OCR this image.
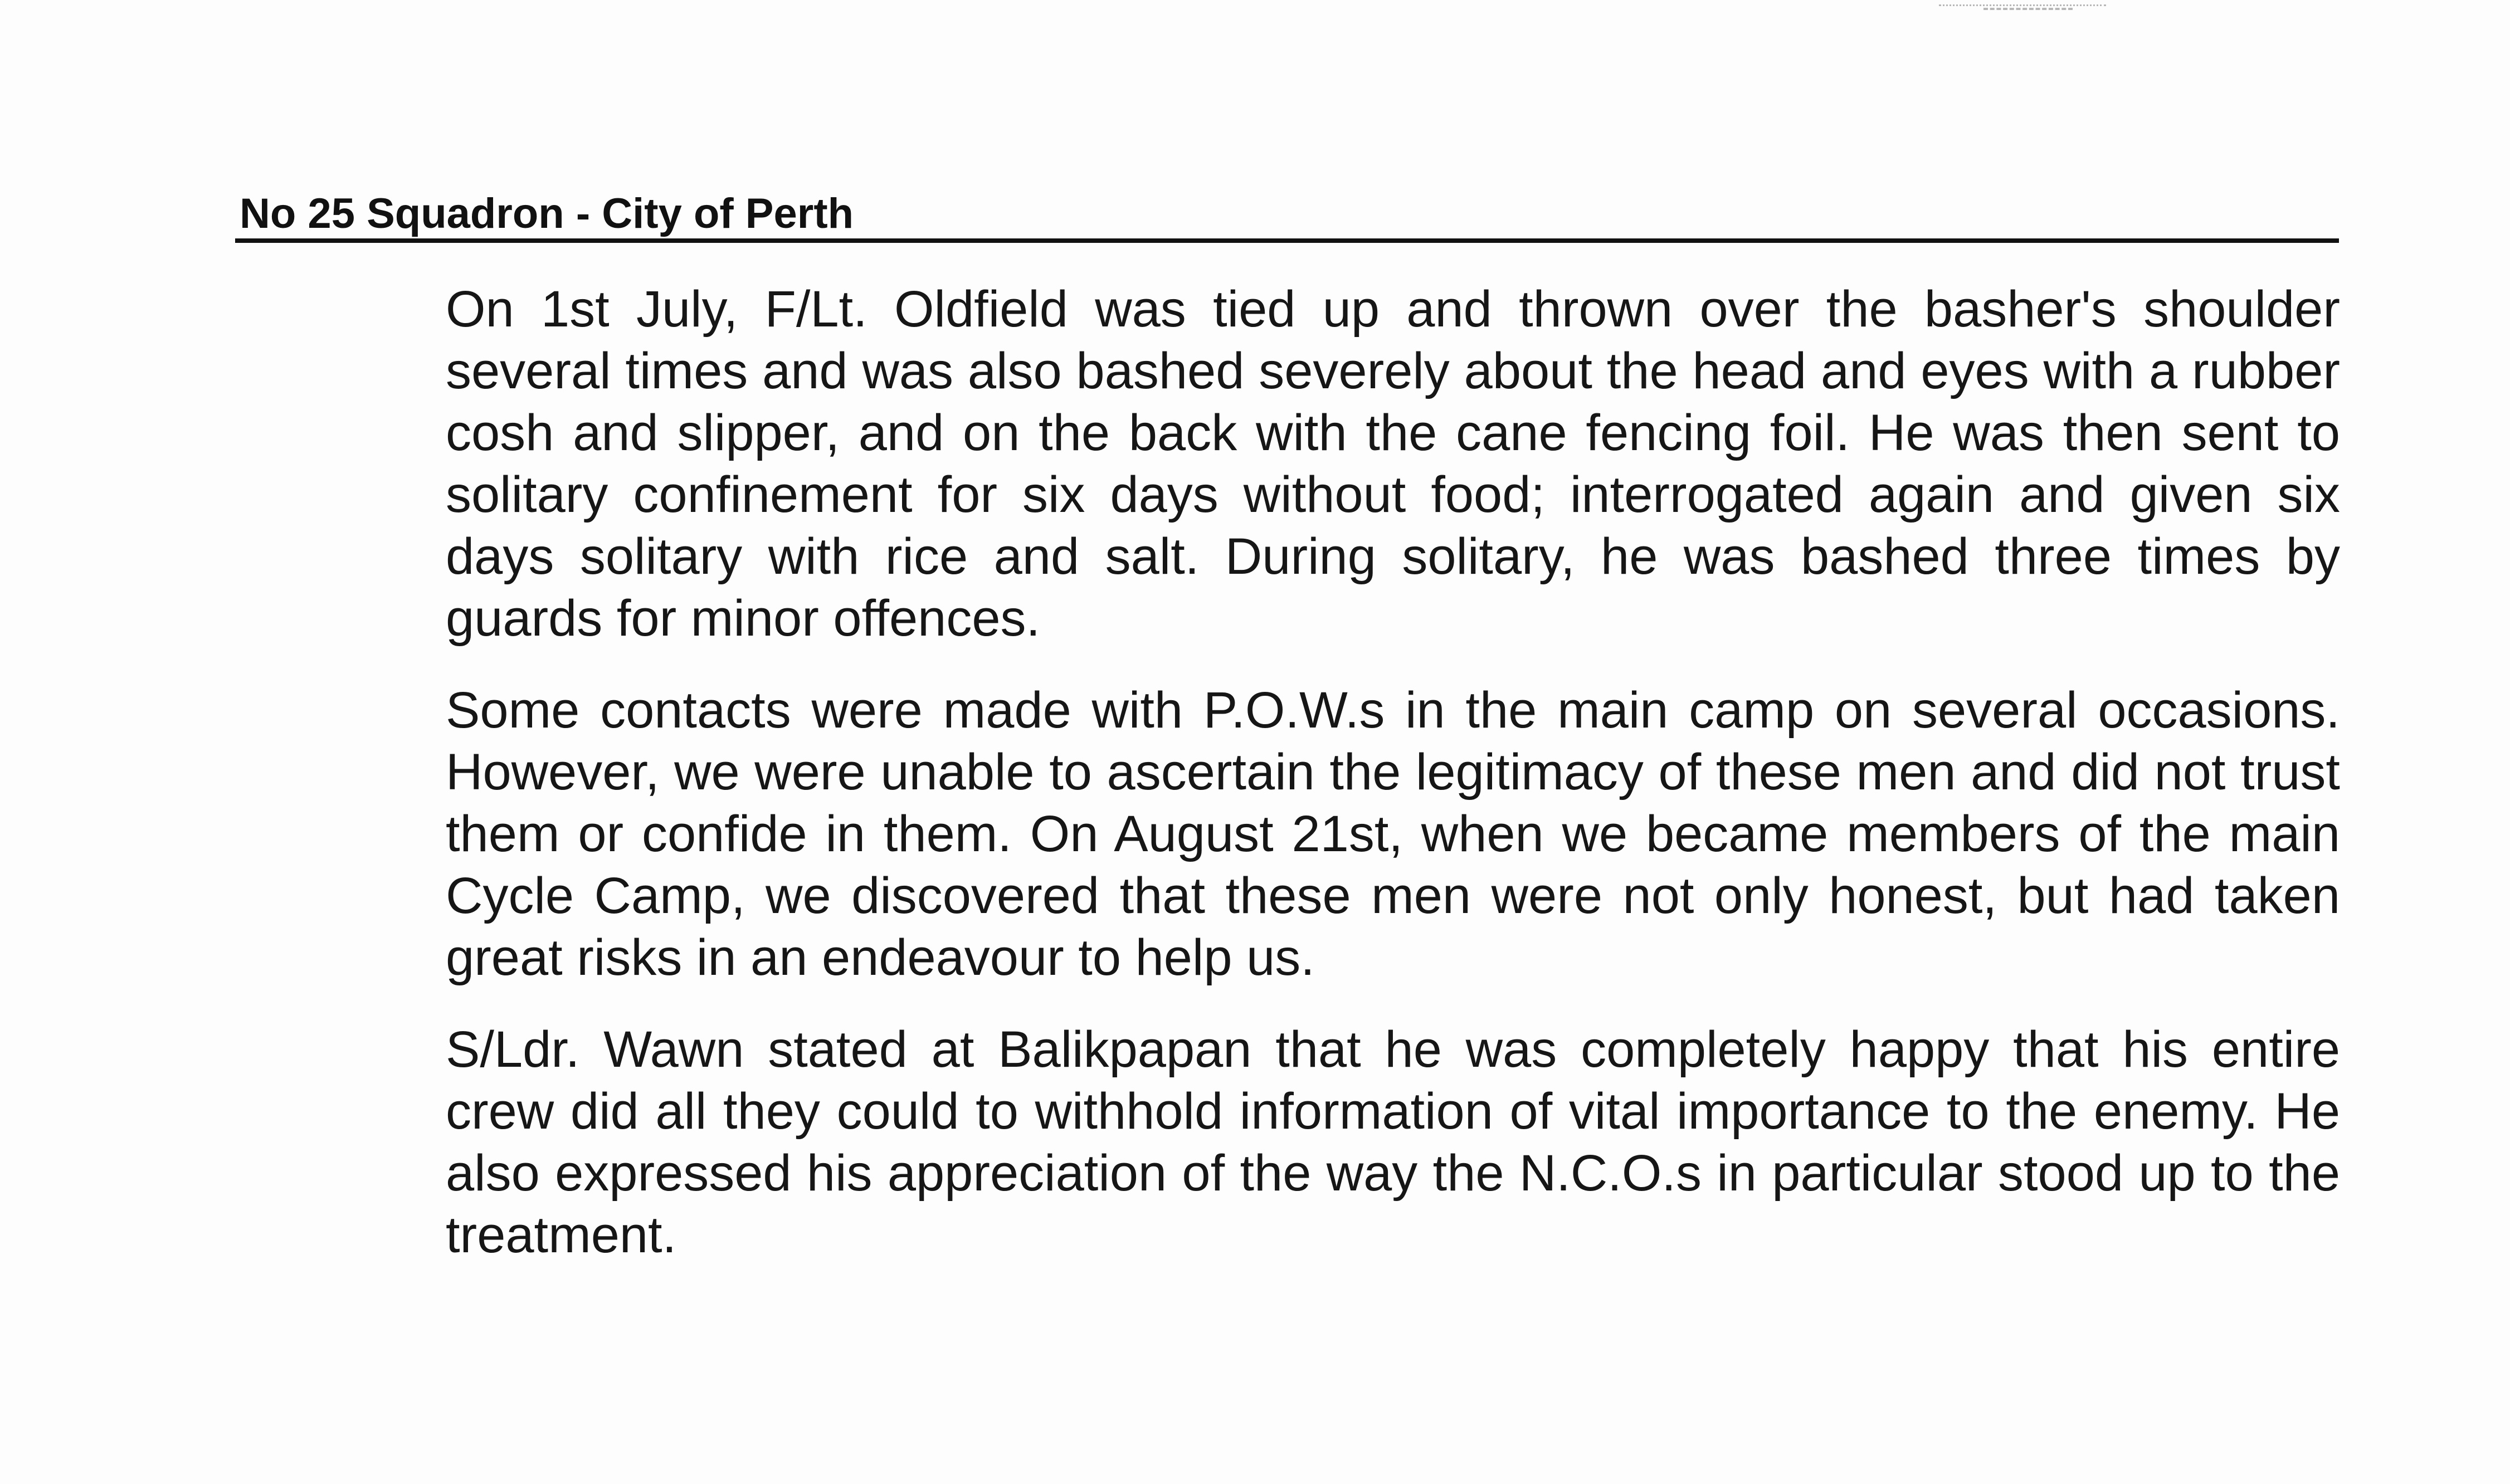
No 25 Squadron - City of Perth

On 1st July, F/Lt. Oldfield was tied up and thrown over the basher's shoulder several times and was also bashed severely about the head and eyes with a rubber cosh and slipper, and on the back with the cane fencing foil. He was then sent to solitary confinement for six days without food; interrogated again and given six days solitary with rice and salt. During solitary, he was bashed three times by guards for minor offences.

Some contacts were made with P.O.W.s in the main camp on several occasions. However, we were unable to ascertain the legitimacy of these men and did not trust them or confide in them. On August 21st, when we became members of the main Cycle Camp, we discovered that these men were not only honest, but had taken great risks in an endeavour to help us.

S/Ldr. Wawn stated at Balikpapan that he was completely happy that his entire crew did all they could to withhold information of vital importance to the enemy. He also expressed his appreciation of the way the N.C.O.s in particular stood up to the treatment.
